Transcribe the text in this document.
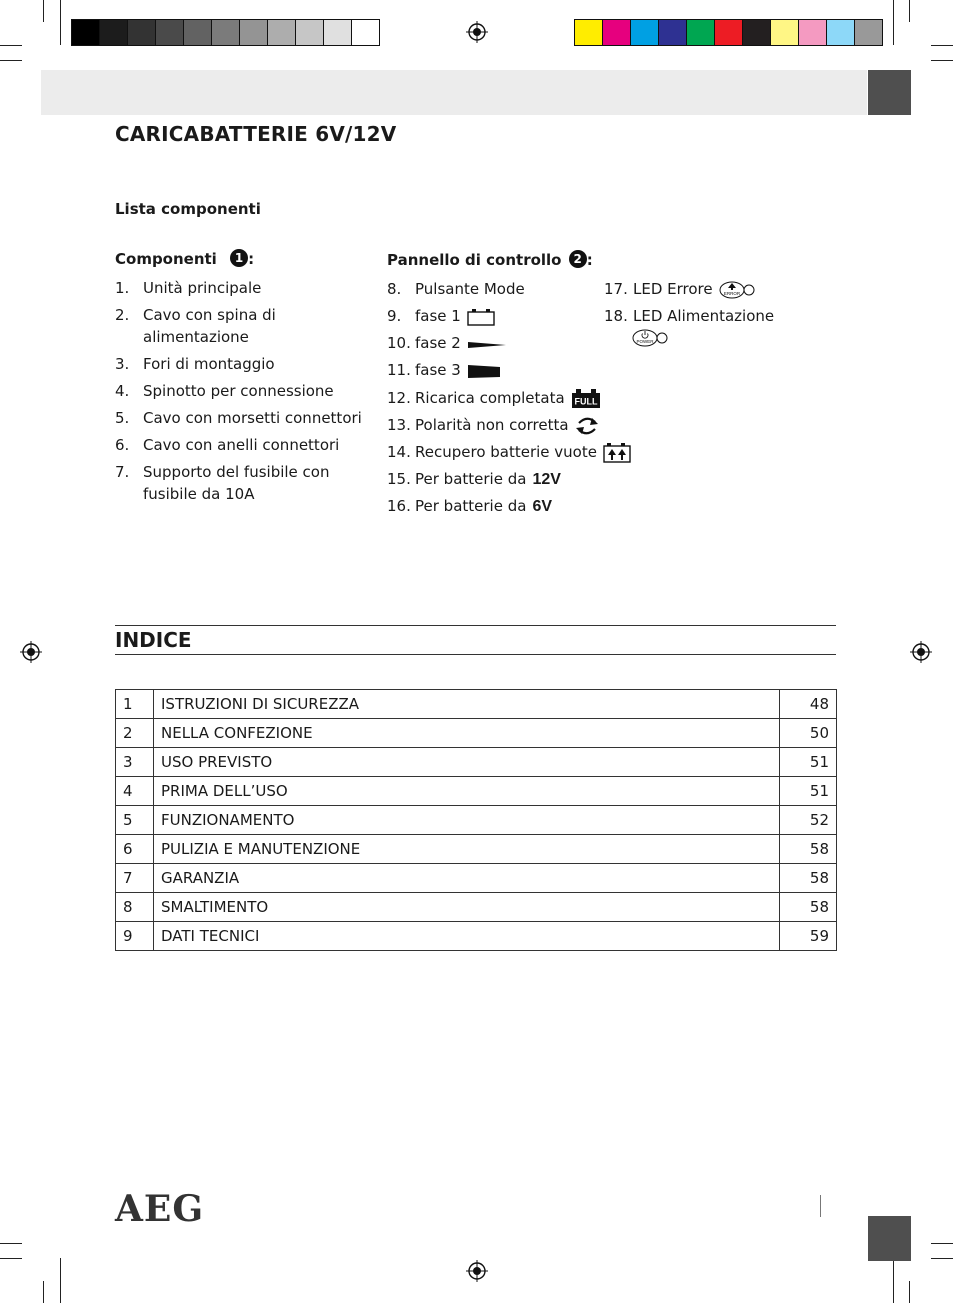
CARICABATTERIE 6V/12V
Lista componenti
Componenti 1 :
1. Unità principale
2. Cavo con spina di
alimentazione
3. Fori di montaggio
4. Spinotto per connessione
5. Cavo con morsetti connettori
6. Cavo con anelli connettori
7. Supporto del fusibile con
fusibile da 10A
Pannello di controllo 2 :
8. Pulsante Mode
9. fase 1
10. fase 2
11. fase 3
12. Ricarica completata FULL
13. Polarità non corretta
14. Recupero batterie vuote
15. Per batterie da 12V
16. Per batterie da 6V
17. LED Errore ERROR
18. LED Alimentazione
POWER
INDICE
1	ISTRUZIONI DI SICUREZZA	48
2	NELLA CONFEZIONE	50
3	USO PREVISTO	51
4	PRIMA DELL’USO	51
5	FUNZIONAMENTO	52
6	PULIZIA E MANUTENZIONE	58
7	GARANZIA	58
8	SMALTIMENTO	58
9	DATI TECNICI	59
AEG
